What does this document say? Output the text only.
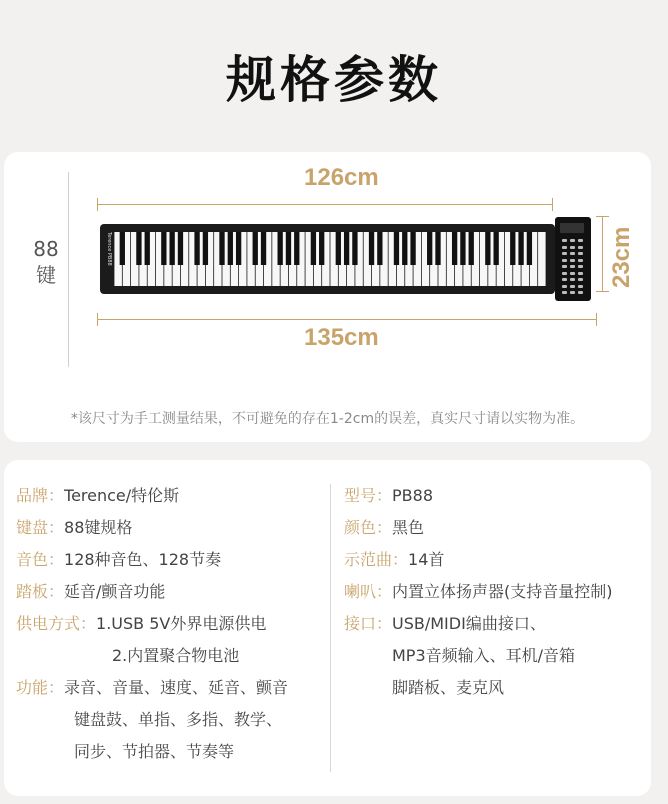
规格参数
88
键
126cm
Terence PB88	23cm
135cm
*该尺寸为手工测量结果，不可避免的存在1-2cm的误差，真实尺寸请以实物为准。
品牌：Terence/特伦斯
键盘：88键规格
音色：128种音色、128节奏
踏板：延音/颤音功能
供电方式：1.USB 5V外界电源供电
2.内置聚合物电池
功能：录音、音量、速度、延音、颤音
键盘鼓、单指、多指、教学、
同步、节拍器、节奏等
型号：PB88
颜色：黑色
示范曲：14首
喇叭：内置立体扬声器(支持音量控制)
接口：USB/MIDI编曲接口、
MP3音频输入、耳机/音箱
脚踏板、麦克风
